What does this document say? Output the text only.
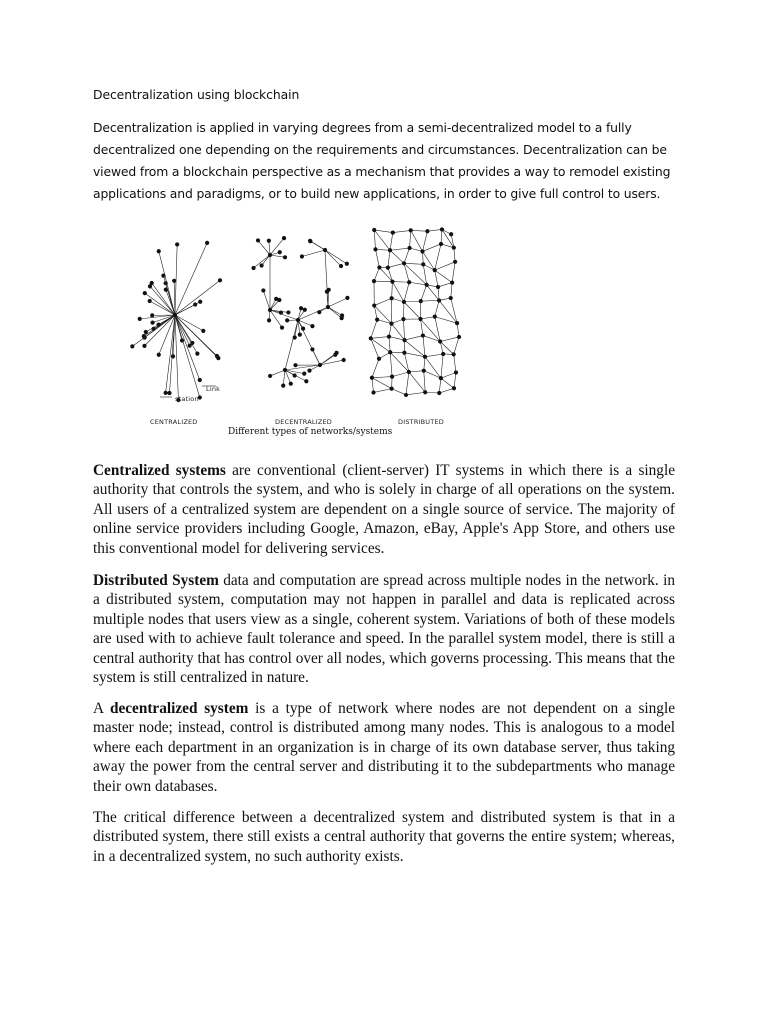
Decentralization using blockchain
Decentralization is applied in varying degrees from a semi-decentralized model to a fully
decentralized one depending on the requirements and circumstances. Decentralization can be
viewed from a blockchain perspective as a mechanism that provides a way to remodel existing
applications and paradigms, or to build new applications, in order to give full control to users.
CENTRALIZED	DECENTRALIZED	DISTRIBUTED
Link
station
Different types of networks/systems

Centralized systems are conventional (client-server) IT systems in which there is a single authority that controls the system, and who is solely in charge of all operations on the system. All users of a centralized system are dependent on a single source of service. The majority of online service providers including Google, Amazon, eBay, Apple's App Store, and others use this conventional model for delivering services.

Distributed System data and computation are spread across multiple nodes in the network. in a distributed system, computation may not happen in parallel and data is replicated across multiple nodes that users view as a single, coherent system. Variations of both of these models are used with to achieve fault tolerance and speed. In the parallel system model, there is still a central authority that has control over all nodes, which governs processing. This means that the system is still centralized in nature.

A decentralized system is a type of network where nodes are not dependent on a single master node; instead, control is distributed among many nodes. This is analogous to a model where each department in an organization is in charge of its own database server, thus taking away the power from the central server and distributing it to the subdepartments who manage their own databases.

The critical difference between a decentralized system and distributed system is that in a distributed system, there still exists a central authority that governs the entire system; whereas, in a decentralized system, no such authority exists.
